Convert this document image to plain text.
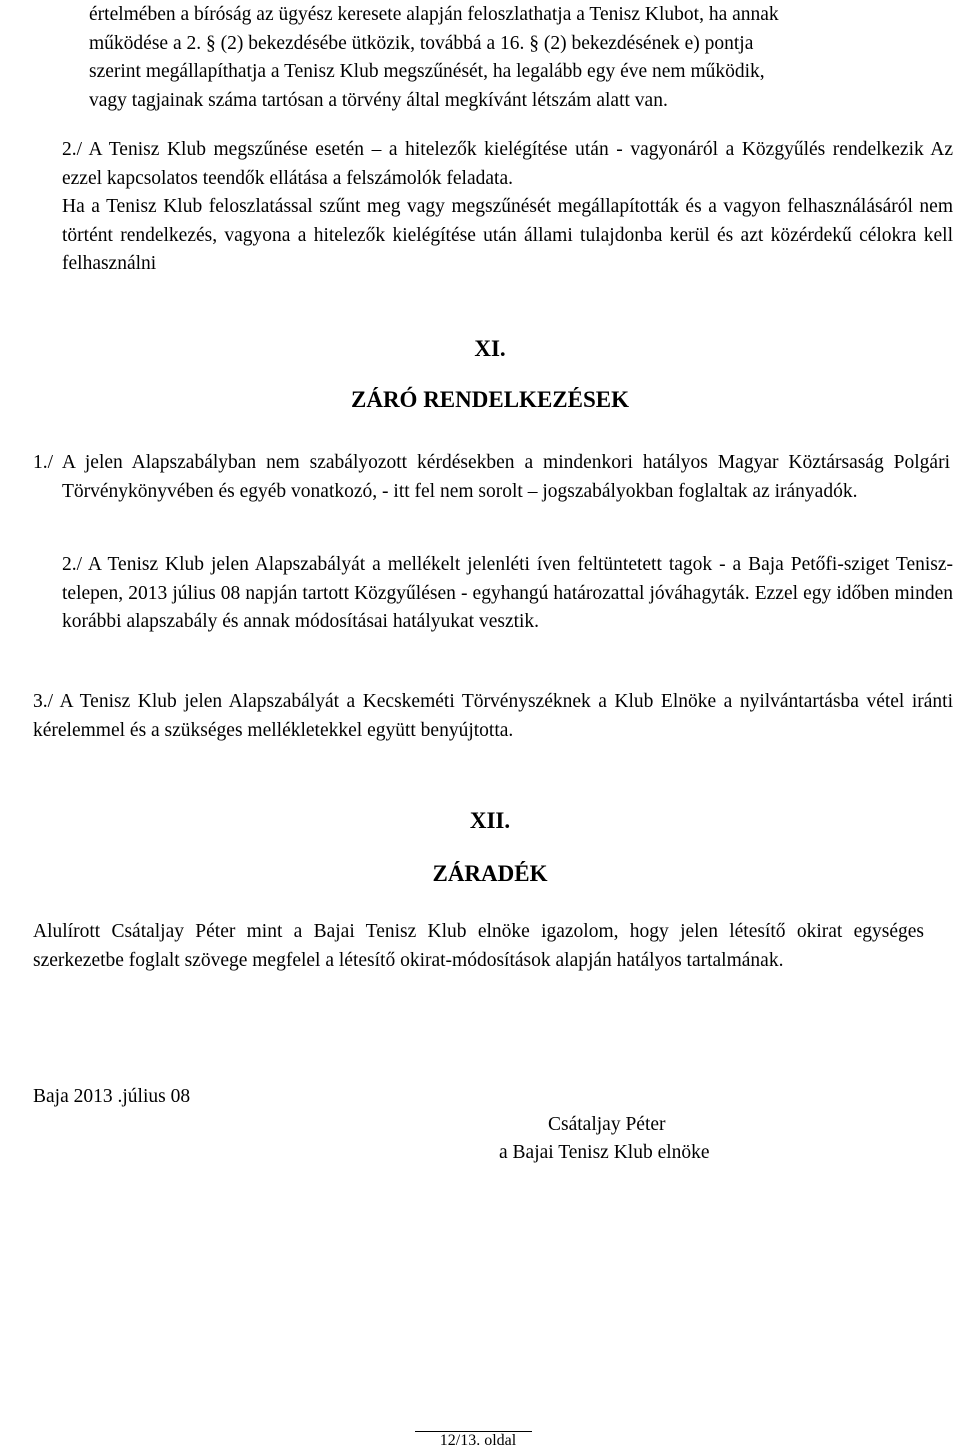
értelmében a bíróság az ügyész keresete alapján feloszlathatja a Tenisz Klubot, ha annak
működése a 2. § (2) bekezdésébe ütközik, továbbá a 16. § (2) bekezdésének e) pontja
szerint megállapíthatja a Tenisz Klub megszűnését, ha legalább egy éve nem működik,
vagy tagjainak száma tartósan a törvény által megkívánt létszám alatt van.

2./ A Tenisz Klub megszűnése esetén – a hitelezők kielégítése után - vagyonáról a Közgyűlés rendelkezik Az ezzel kapcsolatos teendők ellátása a felszámolók feladata.

Ha a Tenisz Klub feloszlatással szűnt meg vagy megszűnését megállapították és a vagyon felhasználásáról nem történt rendelkezés, vagyona a hitelezők kielégítése után állami tulajdonba kerül és azt közérdekű célokra kell felhasználni

XI.
ZÁRÓ RENDELKEZÉSEK

1./ A jelen Alapszabályban nem szabályozott kérdésekben a mindenkori hatályos Magyar Köztársaság Polgári Törvénykönyvében és egyéb vonatkozó, - itt fel nem sorolt – jogszabályokban foglaltak az irányadók.

2./ A Tenisz Klub jelen Alapszabályát a mellékelt jelenléti íven feltüntetett tagok - a Baja Petőfi-sziget Tenisz-telepen, 2013 július 08 napján tartott Közgyűlésen - egyhangú határozattal jóváhagyták. Ezzel egy időben minden korábbi alapszabály és annak módosításai hatályukat vesztik.

3./ A Tenisz Klub jelen Alapszabályát a Kecskeméti Törvényszéknek a Klub Elnöke a nyilvántartásba vétel iránti kérelemmel és a szükséges mellékletekkel együtt benyújtotta.

XII.
ZÁRADÉK

Alulírott Csátaljay Péter mint a Bajai Tenisz Klub elnöke igazolom, hogy jelen létesítő okirat egységes szerkezetbe foglalt szövege megfelel a létesítő okirat-módosítások alapján hatályos tartalmának.

Baja 2013 .július 08

Csátaljay Péter

a Bajai Tenisz Klub elnöke

12/13. oldal
